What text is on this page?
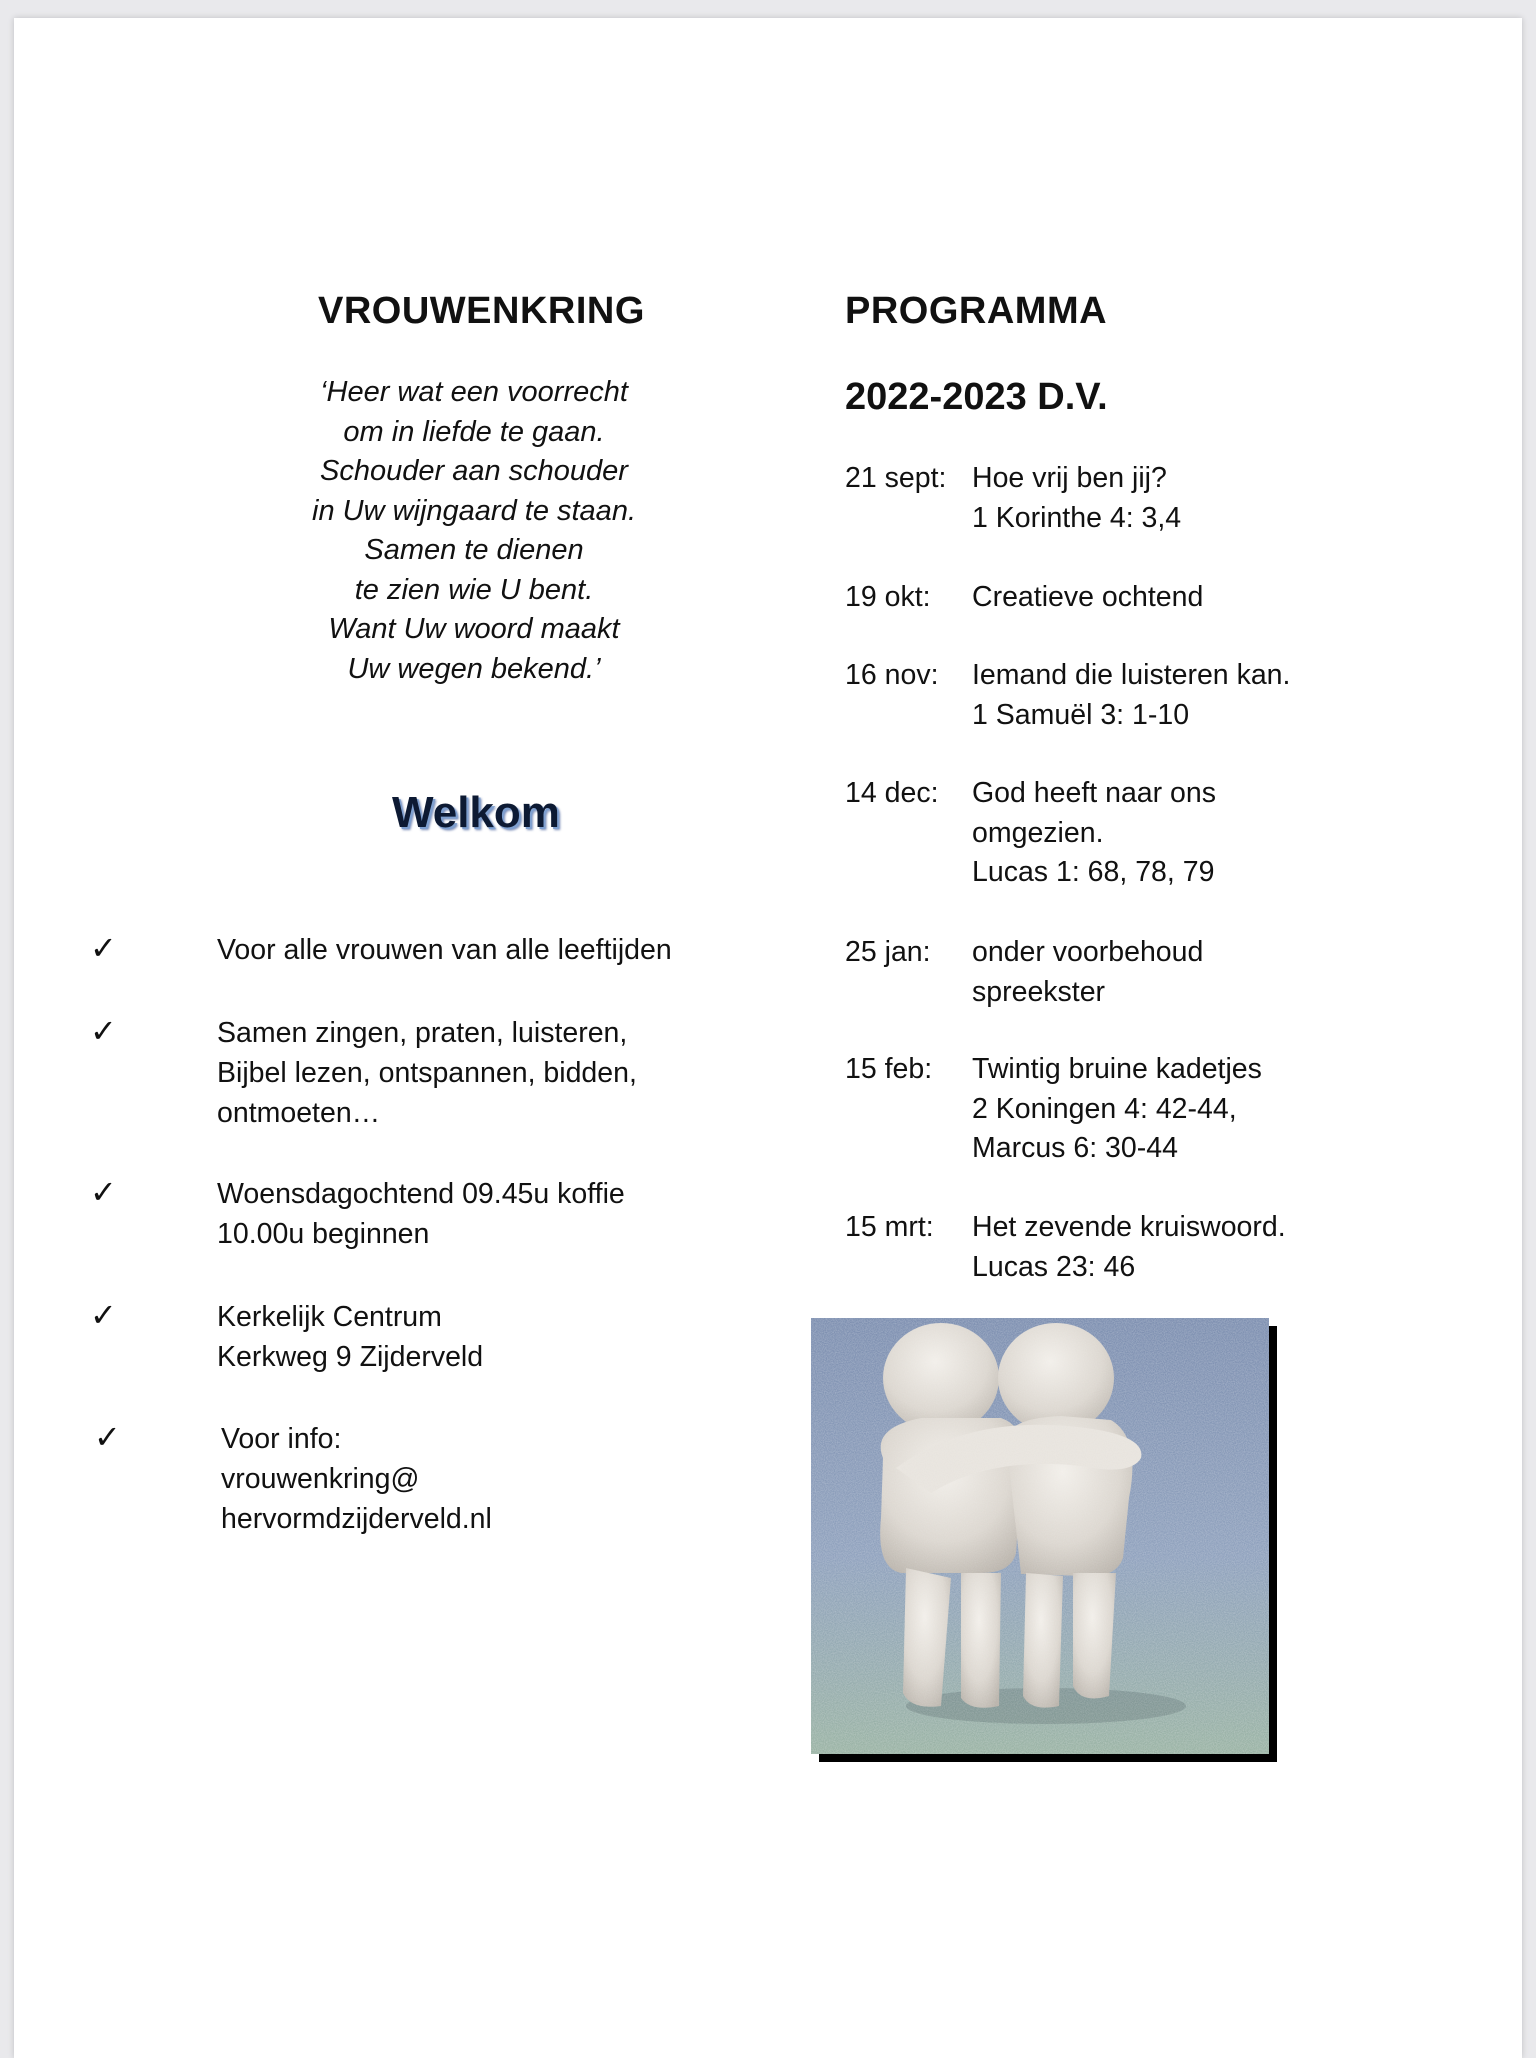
VROUWENKRING
‘Heer wat een voorrecht
om in liefde te gaan.
Schouder aan schouder
in Uw wijngaard te staan.
Samen te dienen
te zien wie U bent.
Want Uw woord maakt
Uw wegen bekend.’
Welkom
✓	Voor alle vrouwen van alle leeftijden
✓	Samen zingen, praten, luisteren,
Bijbel lezen, ontspannen, bidden,
ontmoeten…
✓	Woensdagochtend 09.45u koffie
10.00u beginnen
✓	Kerkelijk Centrum
Kerkweg 9 Zijderveld
✓	Voor info:
vrouwenkring@
hervormdzijderveld.nl
PROGRAMMA
2022-2023 D.V.
21 sept: Hoe vrij ben jij?
1 Korinthe 4: 3,4
19 okt: Creatieve ochtend
16 nov: Iemand die luisteren kan.
1 Samuël 3: 1-10
14 dec: God heeft naar ons
omgezien.
Lucas 1: 68, 78, 79
25 jan: onder voorbehoud
spreekster
15 feb: Twintig bruine kadetjes
2 Koningen 4: 42-44,
Marcus 6: 30-44
15 mrt: Het zevende kruiswoord.
Lucas 23: 46
